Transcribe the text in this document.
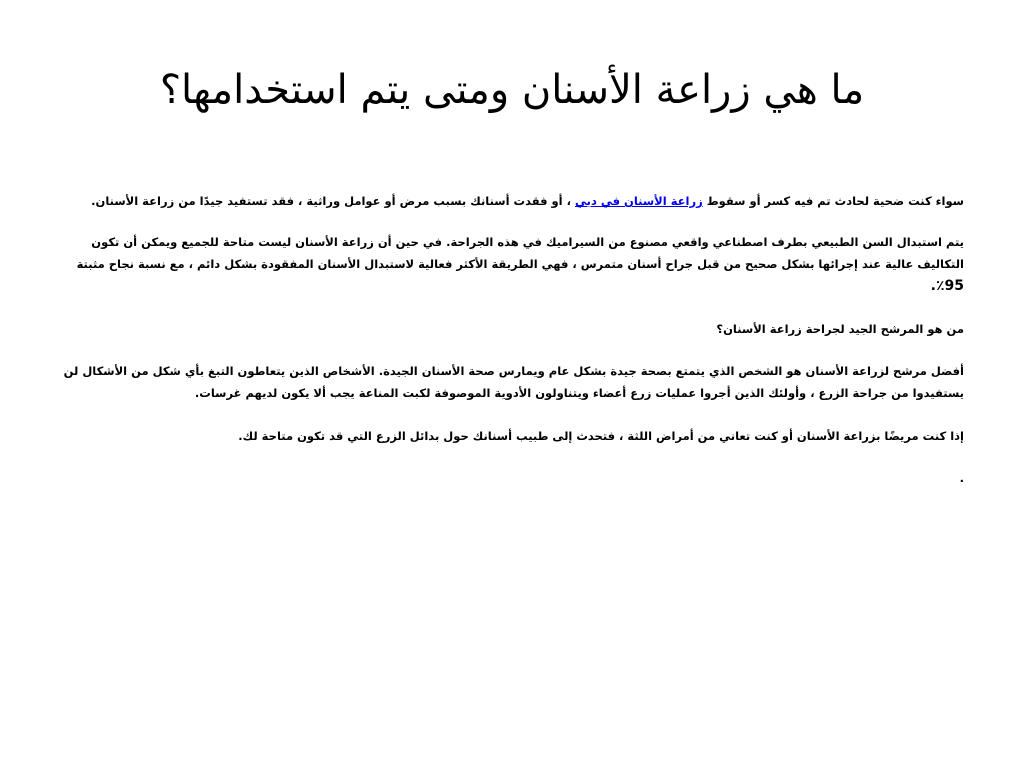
ما هي زراعة الأسنان ومتى يتم استخدامها؟

سواء كنت ضحية لحادث تم فيه كسر أو سقوط زراعة الأسنان في دبي ، أو فقدت أسنانك بسبب مرض أو عوامل وراثية ، فقد تستفيد جيدًا من زراعة الأسنان.

يتم استبدال السن الطبيعي بطرف اصطناعي واقعي مصنوع من السيراميك في هذه الجراحة. في حين أن زراعة الأسنان ليست متاحة للجميع ويمكن أن تكون التكاليف عالية عند إجرائها بشكل صحيح من قبل جراح أسنان متمرس ، فهي الطريقة الأكثر فعالية لاستبدال الأسنان المفقودة بشكل دائم ، مع نسبة نجاح مثبتة 95٪.

من هو المرشح الجيد لجراحة زراعة الأسنان؟

أفضل مرشح لزراعة الأسنان هو الشخص الذي يتمتع بصحة جيدة بشكل عام ويمارس صحة الأسنان الجيدة. الأشخاص الذين يتعاطون التبغ بأي شكل من الأشكال لن يستفيدوا من جراحة الزرع ، وأولئك الذين أجروا عمليات زرع أعضاء ويتناولون الأدوية الموصوفة لكبت المناعة يجب ألا يكون لديهم غرسات.

إذا كنت مريضًا بزراعة الأسنان أو كنت تعاني من أمراض اللثة ، فتحدث إلى طبيب أسنانك حول بدائل الزرع التي قد تكون متاحة لك.

.
